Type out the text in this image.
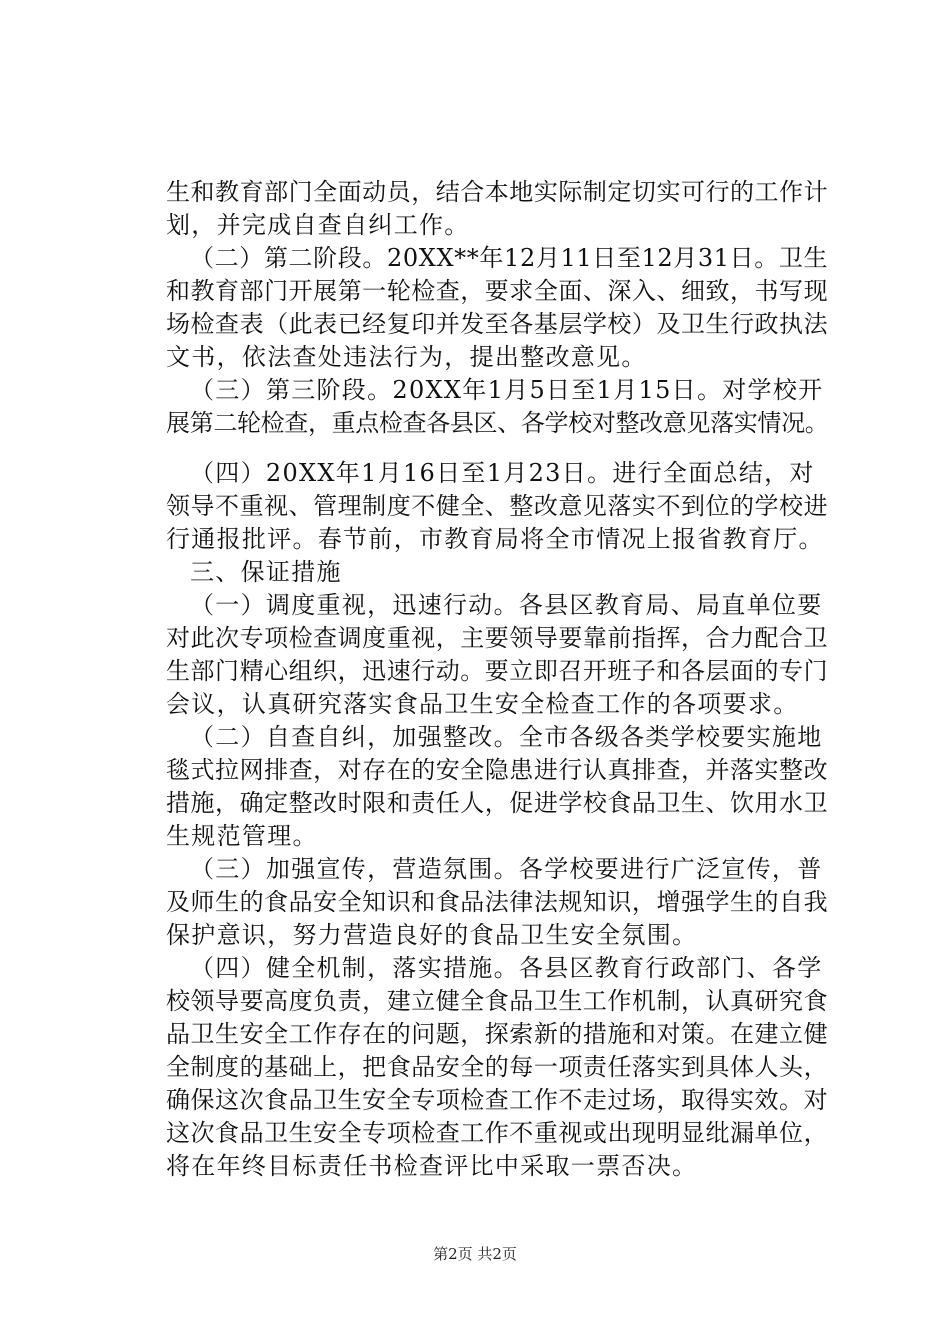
生和教育部门全面动员，结合本地实际制定切实可行的工作计
划，并完成自查自纠工作。
（二）第二阶段。20XX**年12月11日至12月31日。卫生
和教育部门开展第一轮检查，要求全面、深入、细致，书写现
场检查表（此表已经复印并发至各基层学校）及卫生行政执法
文书，依法查处违法行为，提出整改意见。
（三）第三阶段。20XX年1月5日至1月15日。对学校开
展第二轮检查，重点检查各县区、各学校对整改意见落实情况。
（四）20XX年1月16日至1月23日。进行全面总结，对
领导不重视、管理制度不健全、整改意见落实不到位的学校进
行通报批评。春节前，市教育局将全市情况上报省教育厅。
三、保证措施
（一）调度重视，迅速行动。各县区教育局、局直单位要
对此次专项检查调度重视，主要领导要靠前指挥，合力配合卫
生部门精心组织，迅速行动。要立即召开班子和各层面的专门
会议，认真研究落实食品卫生安全检查工作的各项要求。
（二）自查自纠，加强整改。全市各级各类学校要实施地
毯式拉网排查，对存在的安全隐患进行认真排查，并落实整改
措施，确定整改时限和责任人，促进学校食品卫生、饮用水卫
生规范管理。
（三）加强宣传，营造氛围。各学校要进行广泛宣传，普
及师生的食品安全知识和食品法律法规知识，增强学生的自我
保护意识，努力营造良好的食品卫生安全氛围。
（四）健全机制，落实措施。各县区教育行政部门、各学
校领导要高度负责，建立健全食品卫生工作机制，认真研究食
品卫生安全工作存在的问题，探索新的措施和对策。在建立健
全制度的基础上，把食品安全的每一项责任落实到具体人头，
确保这次食品卫生安全专项检查工作不走过场，取得实效。对
这次食品卫生安全专项检查工作不重视或出现明显纰漏单位，
将在年终目标责任书检查评比中采取一票否决。
第2页 共2页
